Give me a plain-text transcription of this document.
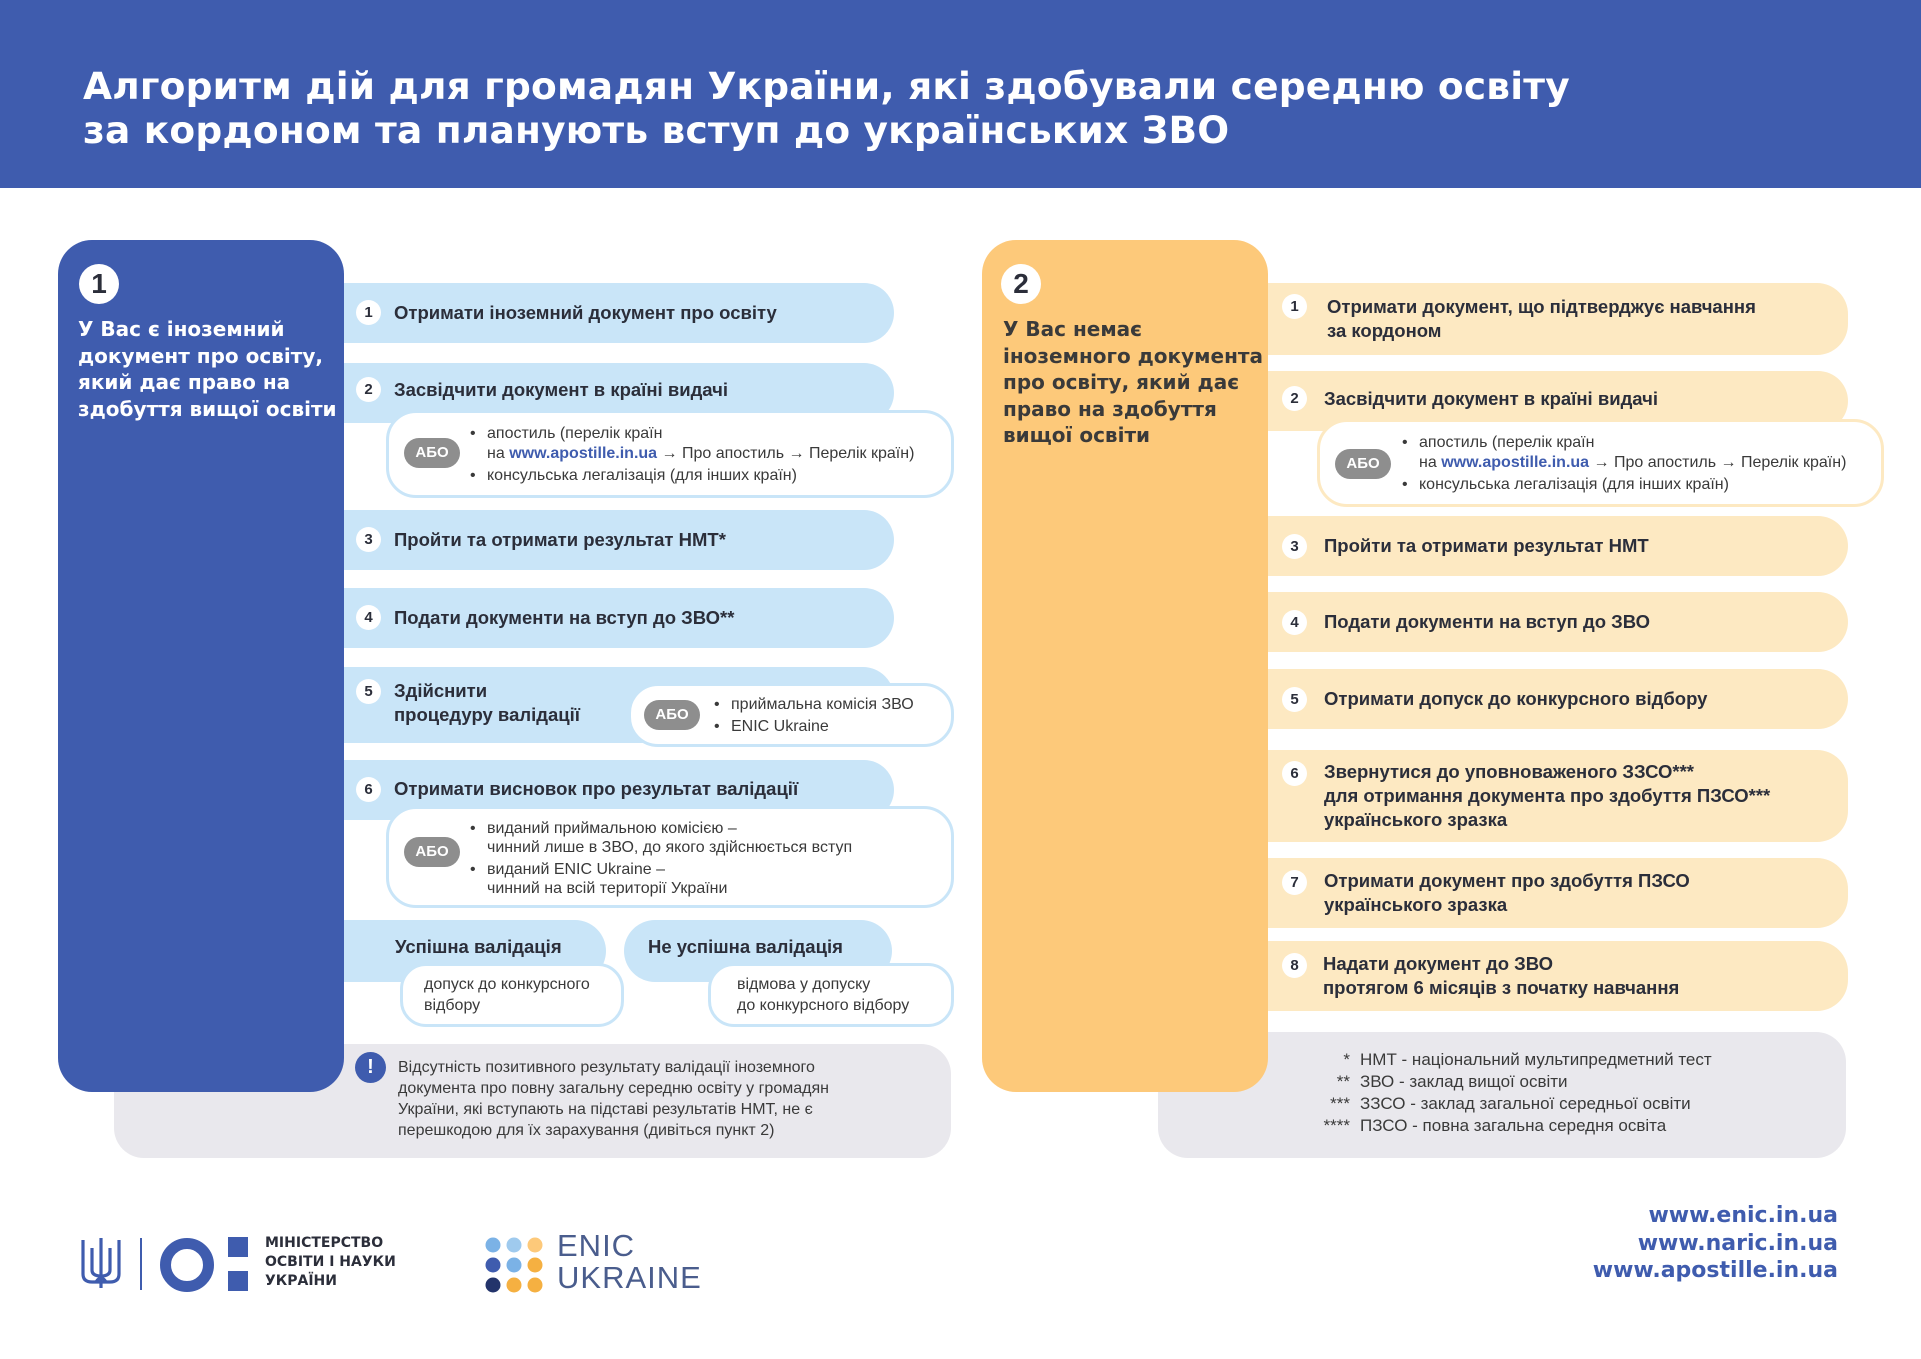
Алгоритм дій для громадян України, які здобували середню освіту
за кордоном та планують вступ до українських ЗВО
1
У Вас є іноземний
документ про освіту,
який дає право на
здобуття вищої освіти
1	Отримати іноземний документ про освіту
2	Засвідчити документ в країні видачі
АБО
• апостиль (перелік країн
на www.apostille.in.ua → Про апостиль → Перелік країн)
• консульська легалізація (для інших країн)
3	Пройти та отримати результат НМТ*
4	Подати документи на вступ до ЗВО**
5	Здійснити
процедуру валідації	АБО
• приймальна комісія ЗВО
• ENIC Ukraine
6	Отримати висновок про результат валідації
АБО
• виданий приймальною комісією –
чинний лише в ЗВО, до якого здійснюється вступ
• виданий ENIC Ukraine –
чинний на всій території України
Успішна валідація
допуск до конкурсного
відбору
Не успішна валідація
відмова у допуску
до конкурсного відбору
!	Відсутність позитивного результату валідації іноземного
документа про повну загальну середню освіту у громадян
України, які вступають на підставі результатів НМТ, не є
перешкодою для їх зарахування (дивіться пункт 2)
2
У Вас немає
іноземного документа
про освіту, який дає
право на здобуття
вищої освіти
1	Отримати документ, що підтверджує навчання
за кордоном
2	Засвідчити документ в країні видачі
АБО
• апостиль (перелік країн
на www.apostille.in.ua → Про апостиль → Перелік країн)
• консульська легалізація (для інших країн)
3	Пройти та отримати результат НМТ
4	Подати документи на вступ до ЗВО
5	Отримати допуск до конкурсного відбору
6	Звернутися до уповноваженого ЗЗСО***
для отримання документа про здобуття ПЗСО***
українського зразка
7	Отримати документ про здобуття ПЗСО
українського зразка
8	Надати документ до ЗВО
протягом 6 місяців з початку навчання
* НМТ - національний мультипредметний тест
** ЗВО - заклад вищої освіти
*** ЗЗСО - заклад загальної середньої освіти
**** ПЗСО - повна загальна середня освіта
МІНІСТЕРСТВО
ОСВІТИ І НАУКИ
УКРАЇНИ
ENIC
UKRAINE
www.enic.in.ua
www.naric.in.ua
www.apostille.in.ua
